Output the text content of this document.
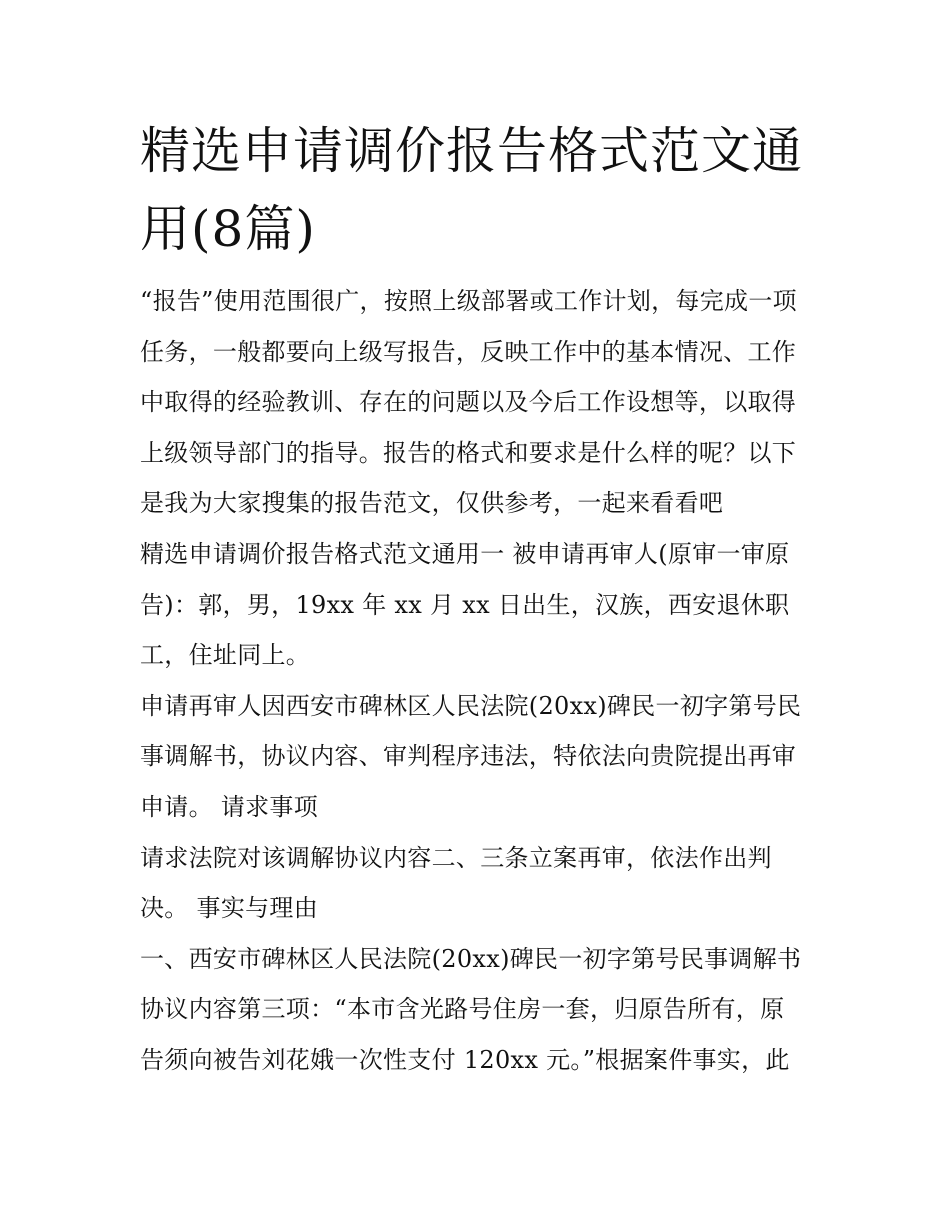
精选申请调价报告格式范文通
用(8篇)

“报告”使用范围很广，按照上级部署或工作计划，每完成一项
任务，一般都要向上级写报告，反映工作中的基本情况、工作
中取得的经验教训、存在的问题以及今后工作设想等，以取得
上级领导部门的指导。报告的格式和要求是什么样的呢？以下
是我为大家搜集的报告范文，仅供参考，一起来看看吧

精选申请调价报告格式范文通用一 被申请再审人(原审一审原
告)：郭，男，19xx 年 xx 月 xx 日出生，汉族，西安退休职
工，住址同上。

申请再审人因西安市碑林区人民法院(20xx)碑民一初字第号民
事调解书，协议内容、审判程序违法，特依法向贵院提出再审
申请。 请求事项

请求法院对该调解协议内容二、三条立案再审，依法作出判
决。 事实与理由

一、西安市碑林区人民法院(20xx)碑民一初字第号民事调解书
协议内容第三项：“本市含光路号住房一套，归原告所有，原
告须向被告刘花娥一次性支付 120xx 元。”根据案件事实，此
